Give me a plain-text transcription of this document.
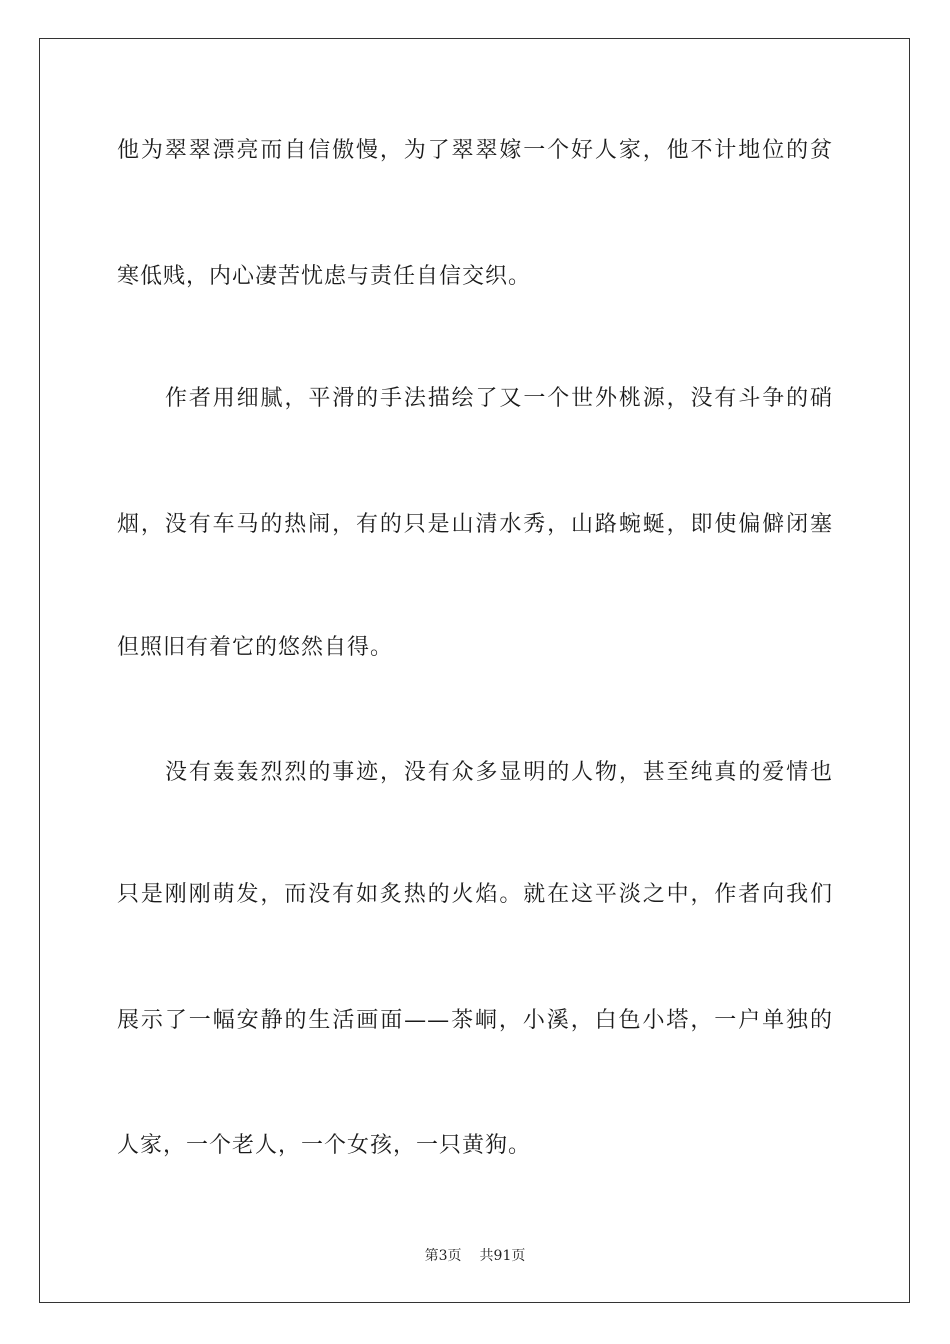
他为翠翠漂亮而自信傲慢，为了翠翠嫁一个好人家，他不计地位的贫
寒低贱，内心凄苦忧虑与责任自信交织。
作者用细腻，平滑的手法描绘了又一个世外桃源，没有斗争的硝
烟，没有车马的热闹，有的只是山清水秀，山路蜿蜒，即使偏僻闭塞
但照旧有着它的悠然自得。
没有轰轰烈烈的事迹，没有众多显明的人物，甚至纯真的爱情也
只是刚刚萌发，而没有如炙热的火焰。就在这平淡之中，作者向我们
展示了一幅安静的生活画面——茶峒，小溪，白色小塔，一户单独的
人家，一个老人，一个女孩，一只黄狗。
第3页 共91页
